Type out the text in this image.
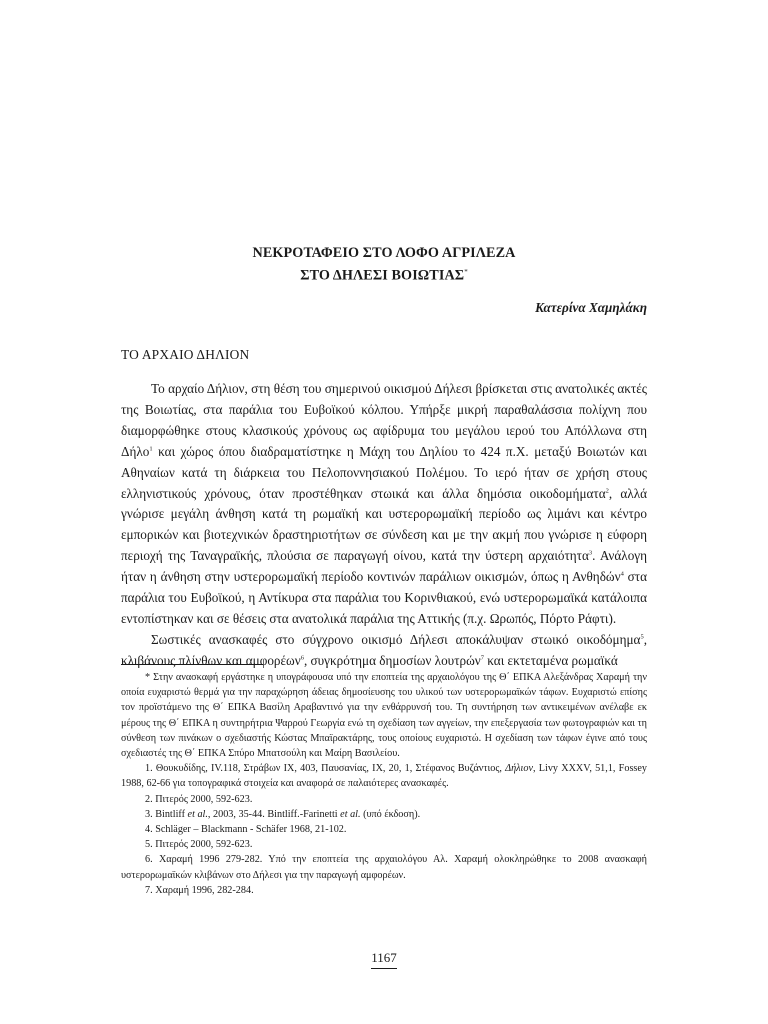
ΝΕΚΡΟΤΑΦΕΙΟ ΣΤΟ ΛΟΦΟ ΑΓΡΙΛΕΖΑ
ΣΤΟ ΔΗΛΕΣΙ ΒΟΙΩΤΙΑΣ*
Κατερίνα Χαμηλάκη
ΤΟ ΑΡΧΑΙΟ ΔΗΛΙΟΝ

Το αρχαίο Δήλιον, στη θέση του σημερινού οικισμού Δήλεσι βρίσκεται στις ανατολικές ακτές της Βοιωτίας, στα παράλια του Ευβοϊκού κόλπου. Υπήρξε μικρή παραθαλάσσια πολίχνη που διαμορφώθηκε στους κλασικούς χρόνους ως αφίδρυμα του μεγάλου ιερού του Απόλλωνα στη Δήλο$^1$ και χώρος όπου διαδραματίστηκε η Μάχη του Δηλίου το 424 π.Χ. μεταξύ Βοιωτών και Αθηναίων κατά τη διάρκεια του Πελοποννησιακού Πολέμου. Το ιερό ήταν σε χρήση στους ελληνιστικούς χρόνους, όταν προστέθηκαν στωικά και άλλα δημόσια οικοδομήματα$^2$, αλλά γνώρισε μεγάλη άνθηση κατά τη ρωμαϊκή και υστερορωμαϊκή περίοδο ως λιμάνι και κέντρο εμπορικών και βιοτεχνικών δραστηριοτήτων σε σύνδεση και με την ακμή που γνώρισε η εύφορη περιοχή της Ταναγραϊκής, πλούσια σε παραγωγή οίνου, κατά την ύστερη αρχαιότητα$^3$. Ανάλογη ήταν η άνθηση στην υστερορωμαϊκή περίοδο κοντινών παράλιων οικισμών, όπως η Ανθηδών$^4$ στα παράλια του Ευβοϊκού, η Αντίκυρα στα παράλια του Κορινθιακού, ενώ υστερορωμαϊκά κατάλοιπα εντοπίστηκαν και σε θέσεις στα ανατολικά παράλια της Αττικής (π.χ. Ωρωπός, Πόρτο Ράφτι).

Σωστικές ανασκαφές στο σύγχρονο οικισμό Δήλεσι αποκάλυψαν στωικό οικοδόμημα$^5$, κλιβάνους πλίνθων και αμφορέων$^6$, συγκρότημα δημοσίων λουτρών$^7$ και εκτεταμένα ρωμαϊκά

* Στην ανασκαφή εργάστηκε η υπογράφουσα υπό την εποπτεία της αρχαιολόγου της Θ΄ ΕΠΚΑ Αλεξάνδρας Χαραμή την οποία ευχαριστώ θερμά για την παραχώρηση άδειας δημοσίευσης του υλικού των υστερορωμαϊκών τάφων. Ευχαριστώ επίσης τον προϊστάμενο της Θ΄ ΕΠΚΑ Βασίλη Αραβαντινό για την ενθάρρυνσή του. Τη συντήρηση των αντικειμένων ανέλαβε εκ μέρους της Θ΄ ΕΠΚΑ η συντηρήτρια Ψαρρού Γεωργία ενώ τη σχεδίαση των αγγείων, την επεξεργασία των φωτογραφιών και τη σύνθεση των πινάκων ο σχεδιαστής Κώστας Μπαϊρακτάρης, τους οποίους ευχαριστώ. Η σχεδίαση των τάφων έγινε από τους σχεδιαστές της Θ΄ ΕΠΚΑ Σπύρο Μπατσούλη και Μαίρη Βασιλείου.

1. Θουκυδίδης, IV.118, Στράβων IX, 403, Παυσανίας, IX, 20, 1, Στέφανος Βυζάντιος, Δήλιον, Livy XXXV, 51,1, Fossey 1988, 62-66 για τοπογραφικά στοιχεία και αναφορά σε παλαιότερες ανασκαφές.

2. Πιτερός 2000, 592-623.

3. Bintliff et al., 2003, 35-44. Bintliff.-Farinetti et al. (υπό έκδοση).

4. Schläger – Blackmann - Schäfer 1968, 21-102.

5. Πιτερός 2000, 592-623.

6. Χαραμή 1996 279-282. Υπό την εποπτεία της αρχαιολόγου Αλ. Χαραμή ολοκληρώθηκε το 2008 ανασκαφή υστερορωμαϊκών κλιβάνων στο Δήλεσι για την παραγωγή αμφορέων.

7. Χαραμή 1996, 282-284.

1167
